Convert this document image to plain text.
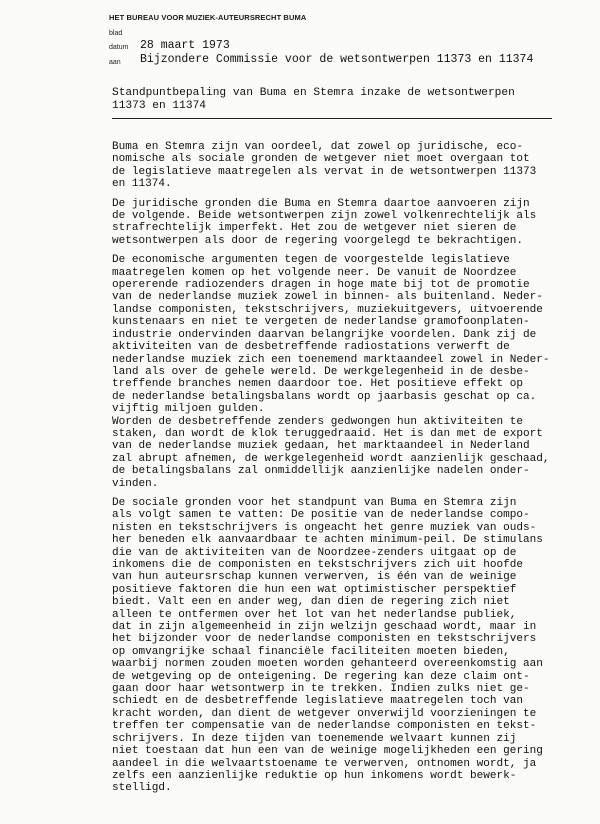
HET BUREAU VOOR MUZIEK-AUTEURSRECHT BUMA
blad
datum 28 maart 1973
aan Bijzondere Commissie voor de wetsontwerpen 11373 en 11374
Standpuntbepaling van Buma en Stemra inzake de wetsontwerpen
11373 en 11374
Buma en Stemra zijn van oordeel, dat zowel op juridische, eco-
nomische als sociale gronden de wetgever niet moet overgaan tot
de legislatieve maatregelen als vervat in de wetsontwerpen 11373
en 11374.
De juridische gronden die Buma en Stemra daartoe aanvoeren zijn
de volgende. Beide wetsontwerpen zijn zowel volkenrechtelijk als
strafrechtelijk imperfekt. Het zou de wetgever niet sieren de
wetsontwerpen als door de regering voorgelegd te bekrachtigen.
De economische argumenten tegen de voorgestelde legislatieve
maatregelen komen op het volgende neer. De vanuit de Noordzee
opererende radiozenders dragen in hoge mate bij tot de promotie
van de nederlandse muziek zowel in binnen- als buitenland. Neder-
landse componisten, tekstschrijvers, muziekuitgevers, uitvoerende
kunstenaars en niet te vergeten de nederlandse gramofoonplaten-
industrie ondervinden daarvan belangrijke voordelen. Dank zij de
aktiviteiten van de desbetreffende radiostations verwerft de
nederlandse muziek zich een toenemend marktaandeel zowel in Neder-
land als over de gehele wereld. De werkgelegenheid in de desbe-
treffende branches nemen daardoor toe. Het positieve effekt op
de nederlandse betalingsbalans wordt op jaarbasis geschat op ca.
vijftig miljoen gulden.
Worden de desbetreffende zenders gedwongen hun aktiviteiten te
staken, dan wordt de klok teruggedraaid. Het is dan met de export
van de nederlandse muziek gedaan, het marktaandeel in Nederland
zal abrupt afnemen, de werkgelegenheid wordt aanzienlijk geschaad,
de betalingsbalans zal onmiddellijk aanzienlijke nadelen onder-
vinden.
De sociale gronden voor het standpunt van Buma en Stemra zijn
als volgt samen te vatten: De positie van de nederlandse compo-
nisten en tekstschrijvers is ongeacht het genre muziek van ouds-
her beneden elk aanvaardbaar te achten minimum-peil. De stimulans
die van de aktiviteiten van de Noordzee-zenders uitgaat op de
inkomens die de componisten en tekstschrijvers zich uit hoofde
van hun auteursrschap kunnen verwerven, is één van de weinige
positieve faktoren die hun een wat optimistischer perspektief
biedt. Valt een en ander weg, dan dien de regering zich niet
alleen te ontfermen over het lot van het nederlandse publiek,
dat in zijn algemeenheid in zijn welzijn geschaad wordt, maar in
het bijzonder voor de nederlandse componisten en tekstschrijvers
op omvangrijke schaal financiële faciliteiten moeten bieden,
waarbij normen zouden moeten worden gehanteerd overeenkomstig aan
de wetgeving op de onteigening. De regering kan deze claim ont-
gaan door haar wetsontwerp in te trekken. Indien zulks niet ge-
schiedt en de desbetreffende legislatieve maatregelen toch van
kracht worden, dan dient de wetgever onverwijld voorzieningen te
treffen ter compensatie van de nederlandse componisten en tekst-
schrijvers. In deze tijden van toenemende welvaart kunnen zij
niet toestaan dat hun een van de weinige mogelijkheden een gering
aandeel in die welvaartstoename te verwerven, ontnomen wordt, ja
zelfs een aanzienlijke reduktie op hun inkomens wordt bewerk-
stelligd.
